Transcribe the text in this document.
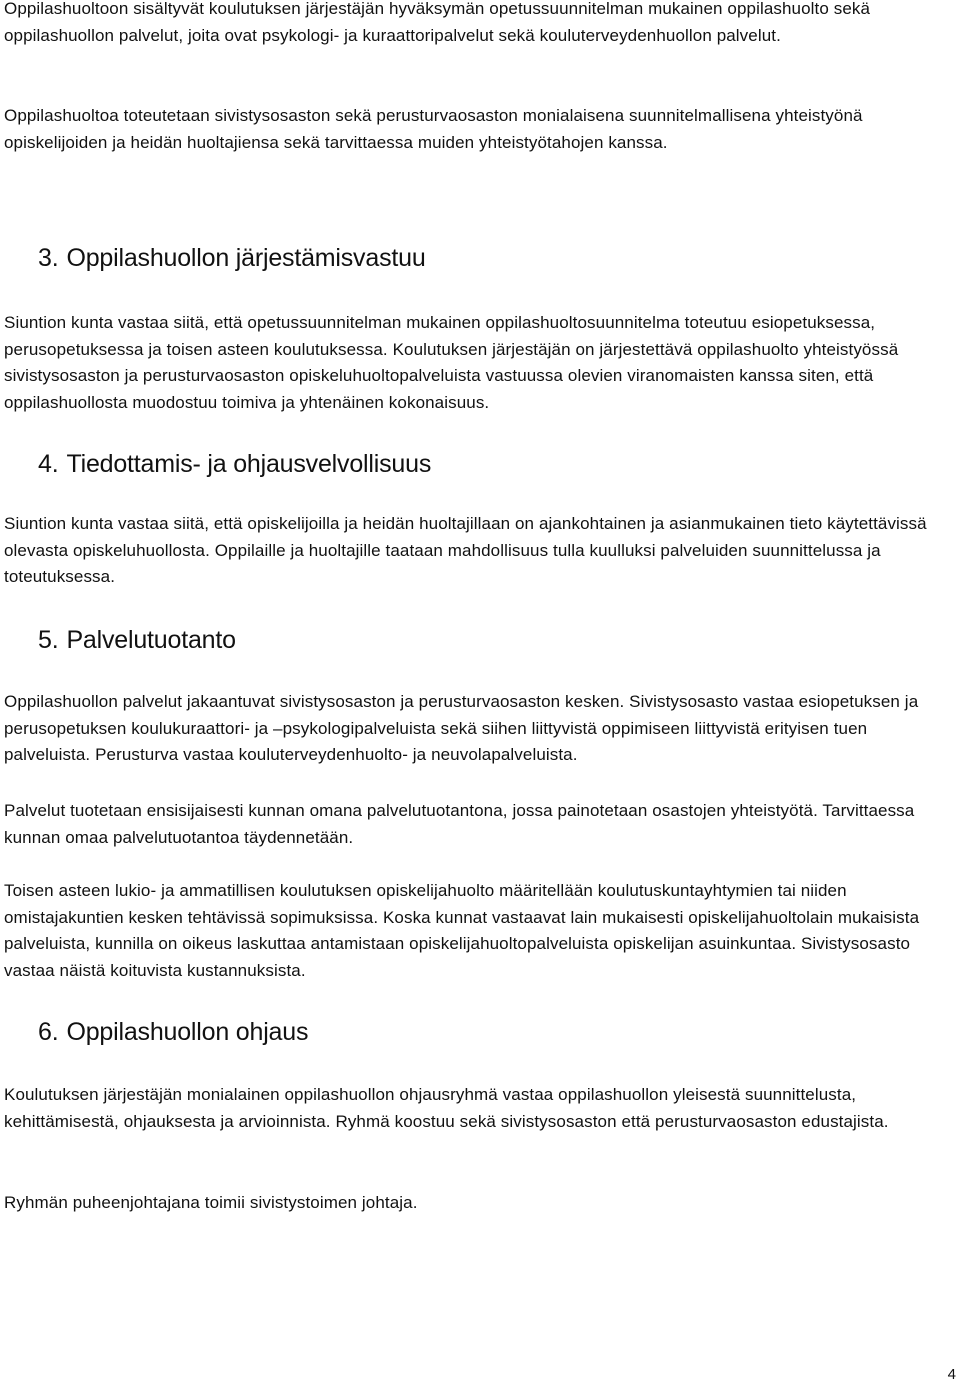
Oppilashuoltoon sisältyvät koulutuksen järjestäjän hyväksymän opetussuunnitelman mukainen oppilashuolto sekä oppilashuollon palvelut, joita ovat psykologi- ja kuraattoripalvelut sekä kouluterveydenhuollon palvelut.

Oppilashuoltoa toteutetaan sivistysosaston sekä perusturvaosaston monialaisena suunnitelmallisena yhteistyönä opiskelijoiden ja heidän huoltajiensa sekä tarvittaessa muiden yhteistyötahojen kanssa.

3. Oppilashuollon järjestämisvastuu

Siuntion kunta vastaa siitä, että opetussuunnitelman mukainen oppilashuoltosuunnitelma toteutuu esiopetuksessa, perusopetuksessa ja toisen asteen koulutuksessa. Koulutuksen järjestäjän on järjestettävä oppilashuolto yhteistyössä sivistysosaston ja perusturvaosaston opiskeluhuoltopalveluista vastuussa olevien viranomaisten kanssa siten, että oppilashuollosta muodostuu toimiva ja yhtenäinen kokonaisuus.

4. Tiedottamis- ja ohjausvelvollisuus

Siuntion kunta vastaa siitä, että opiskelijoilla ja heidän huoltajillaan on ajankohtainen ja asianmukainen tieto käytettävissä olevasta opiskeluhuollosta. Oppilaille ja huoltajille taataan mahdollisuus tulla kuulluksi palveluiden suunnittelussa ja toteutuksessa.

5. Palvelutuotanto

Oppilashuollon palvelut jakaantuvat sivistysosaston ja perusturvaosaston kesken. Sivistysosasto vastaa esiopetuksen ja perusopetuksen koulukuraattori- ja –psykologipalveluista sekä siihen liittyvistä oppimiseen liittyvistä erityisen tuen palveluista. Perusturva vastaa kouluterveydenhuolto- ja neuvolapalveluista.

Palvelut tuotetaan ensisijaisesti kunnan omana palvelutuotantona, jossa painotetaan osastojen yhteistyötä. Tarvittaessa kunnan omaa palvelutuotantoa täydennetään.

Toisen asteen lukio- ja ammatillisen koulutuksen opiskelijahuolto määritellään koulutuskuntayhtymien tai niiden omistajakuntien kesken tehtävissä sopimuksissa. Koska kunnat vastaavat lain mukaisesti opiskelijahuoltolain mukaisista palveluista, kunnilla on oikeus laskuttaa antamistaan opiskelijahuoltopalveluista opiskelijan asuinkuntaa. Sivistysosasto vastaa näistä koituvista kustannuksista.

6. Oppilashuollon ohjaus

Koulutuksen järjestäjän monialainen oppilashuollon ohjausryhmä vastaa oppilashuollon yleisestä suunnittelusta, kehittämisestä, ohjauksesta ja arvioinnista. Ryhmä koostuu sekä sivistysosaston että perusturvaosaston edustajista.

Ryhmän puheenjohtajana toimii sivistystoimen johtaja.

4
